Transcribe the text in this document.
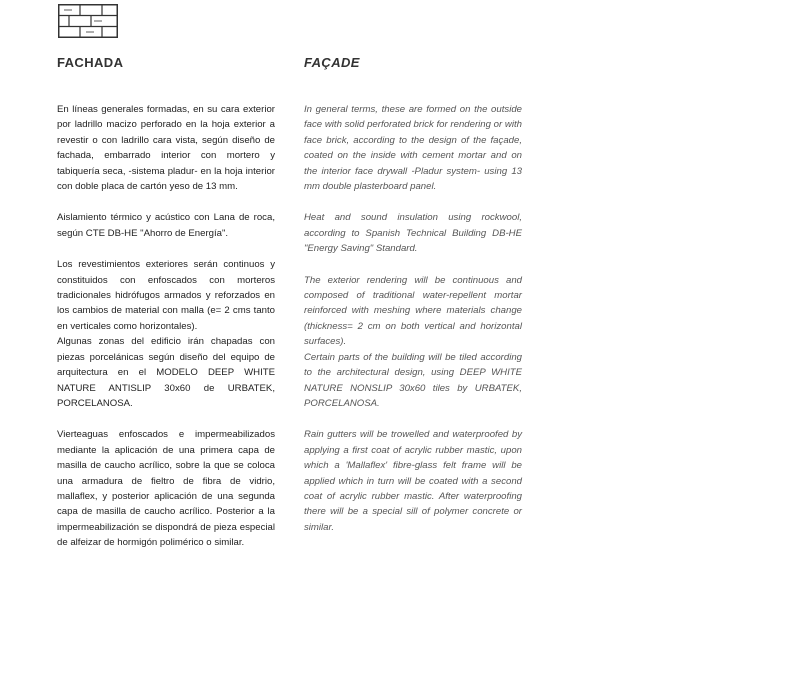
FACHADA

En líneas generales formadas, en su cara exterior por ladrillo macizo perforado en la hoja exterior a revestir o con ladrillo cara vista, según diseño de fachada, embarrado interior con mortero y tabiquería seca, -sistema pladur- en la hoja interior con doble placa de cartón yeso de 13 mm.

Aislamiento térmico y acústico con Lana de roca, según CTE DB-HE "Ahorro de Energía".

Los revestimientos exteriores serán continuos y constituidos con enfoscados con morteros tradicionales hidrófugos armados y reforzados en los cambios de material con malla (e= 2 cms tanto en verticales como horizontales).

Algunas zonas del edificio irán chapadas con piezas porcelánicas según diseño del equipo de arquitectura en el MODELO DEEP WHITE NATURE ANTISLIP 30x60 de URBATEK, PORCELANOSA.

Vierteaguas enfoscados e impermeabilizados mediante la aplicación de una primera capa de masilla de caucho acrílico, sobre la que se coloca una armadura de fieltro de fibra de vidrio, mallaflex, y posterior aplicación de una segunda capa de masilla de caucho acrílico. Posterior a la impermeabilización se dispondrá de pieza especial de alfeizar de hormigón polimérico o similar.

FAÇADE

In general terms, these are formed on the outside face with solid perforated brick for rendering or with face brick, according to the design of the façade, coated on the inside with cement mortar and on the interior face drywall -Pladur system- using 13 mm double plasterboard panel.

Heat and sound insulation using rockwool, according to Spanish Technical Building DB-HE "Energy Saving" Standard.

The exterior rendering will be continuous and composed of traditional water-repellent mortar reinforced with meshing where materials change (thickness= 2 cm on both vertical and horizontal surfaces).

Certain parts of the building will be tiled according to the architectural design, using DEEP WHITE NATURE NONSLIP 30x60 tiles by URBATEK, PORCELANOSA.

Rain gutters will be trowelled and waterproofed by applying a first coat of acrylic rubber mastic, upon which a 'Mallaflex' fibre-glass felt frame will be applied which in turn will be coated with a second coat of acrylic rubber mastic. After waterproofing there will be a special sill of polymer concrete or similar.
